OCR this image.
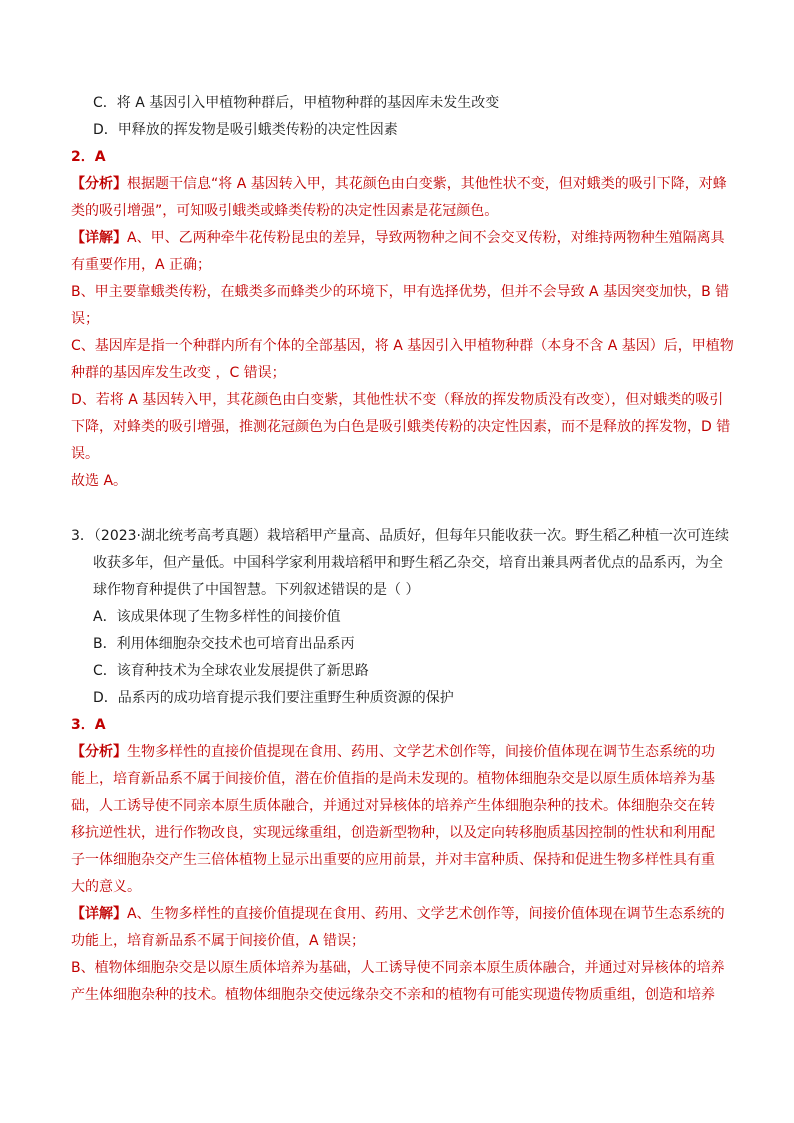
C．将 A 基因引入甲植物种群后，甲植物种群的基因库未发生改变
D．甲释放的挥发物是吸引蛾类传粉的决定性因素
2．A
【分析】根据题干信息“将 A 基因转入甲，其花颜色由白变紫，其他性状不变，但对蛾类的吸引下降，对蜂
类的吸引增强”，可知吸引蛾类或蜂类传粉的决定性因素是花冠颜色。
【详解】A、甲、乙两种牵牛花传粉昆虫的差异，导致两物种之间不会交叉传粉，对维持两物种生殖隔离具
有重要作用，A 正确；
B、甲主要靠蛾类传粉，在蛾类多而蜂类少的环境下，甲有选择优势，但并不会导致 A 基因突变加快，B 错
误；
C、基因库是指一个种群内所有个体的全部基因，将 A 基因引入甲植物种群（本身不含 A 基因）后，甲植物
种群的基因库发生改变 ，C 错误；
D、若将 A 基因转入甲，其花颜色由白变紫，其他性状不变（释放的挥发物质没有改变），但对蛾类的吸引
下降，对蜂类的吸引增强，推测花冠颜色为白色是吸引蛾类传粉的决定性因素，而不是释放的挥发物，D 错
误。
故选 A。
3．（2023·湖北统考高考真题）栽培稻甲产量高、品质好，但每年只能收获一次。野生稻乙种植一次可连续
收获多年，但产量低。中国科学家利用栽培稻甲和野生稻乙杂交，培育出兼具两者优点的品系丙，为全
球作物育种提供了中国智慧。下列叙述错误的是（ ）
A．该成果体现了生物多样性的间接价值
B．利用体细胞杂交技术也可培育出品系丙
C．该育种技术为全球农业发展提供了新思路
D．品系丙的成功培育提示我们要注重野生种质资源的保护
3．A
【分析】生物多样性的直接价值提现在食用、药用、文学艺术创作等，间接价值体现在调节生态系统的功
能上，培育新品系不属于间接价值，潜在价值指的是尚未发现的。植物体细胞杂交是以原生质体培养为基
础，人工诱导使不同亲本原生质体融合，并通过对异核体的培养产生体细胞杂种的技术。体细胞杂交在转
移抗逆性状，进行作物改良，实现远缘重组，创造新型物种，以及定向转移胞质基因控制的性状和利用配
子一体细胞杂交产生三倍体植物上显示出重要的应用前景，并对丰富种质、保持和促进生物多样性具有重
大的意义。
【详解】A、生物多样性的直接价值提现在食用、药用、文学艺术创作等，间接价值体现在调节生态系统的
功能上，培育新品系不属于间接价值，A 错误；
B、植物体细胞杂交是以原生质体培养为基础，人工诱导使不同亲本原生质体融合，并通过对异核体的培养
产生体细胞杂种的技术。植物体细胞杂交使远缘杂交不亲和的植物有可能实现遗传物质重组，创造和培养
